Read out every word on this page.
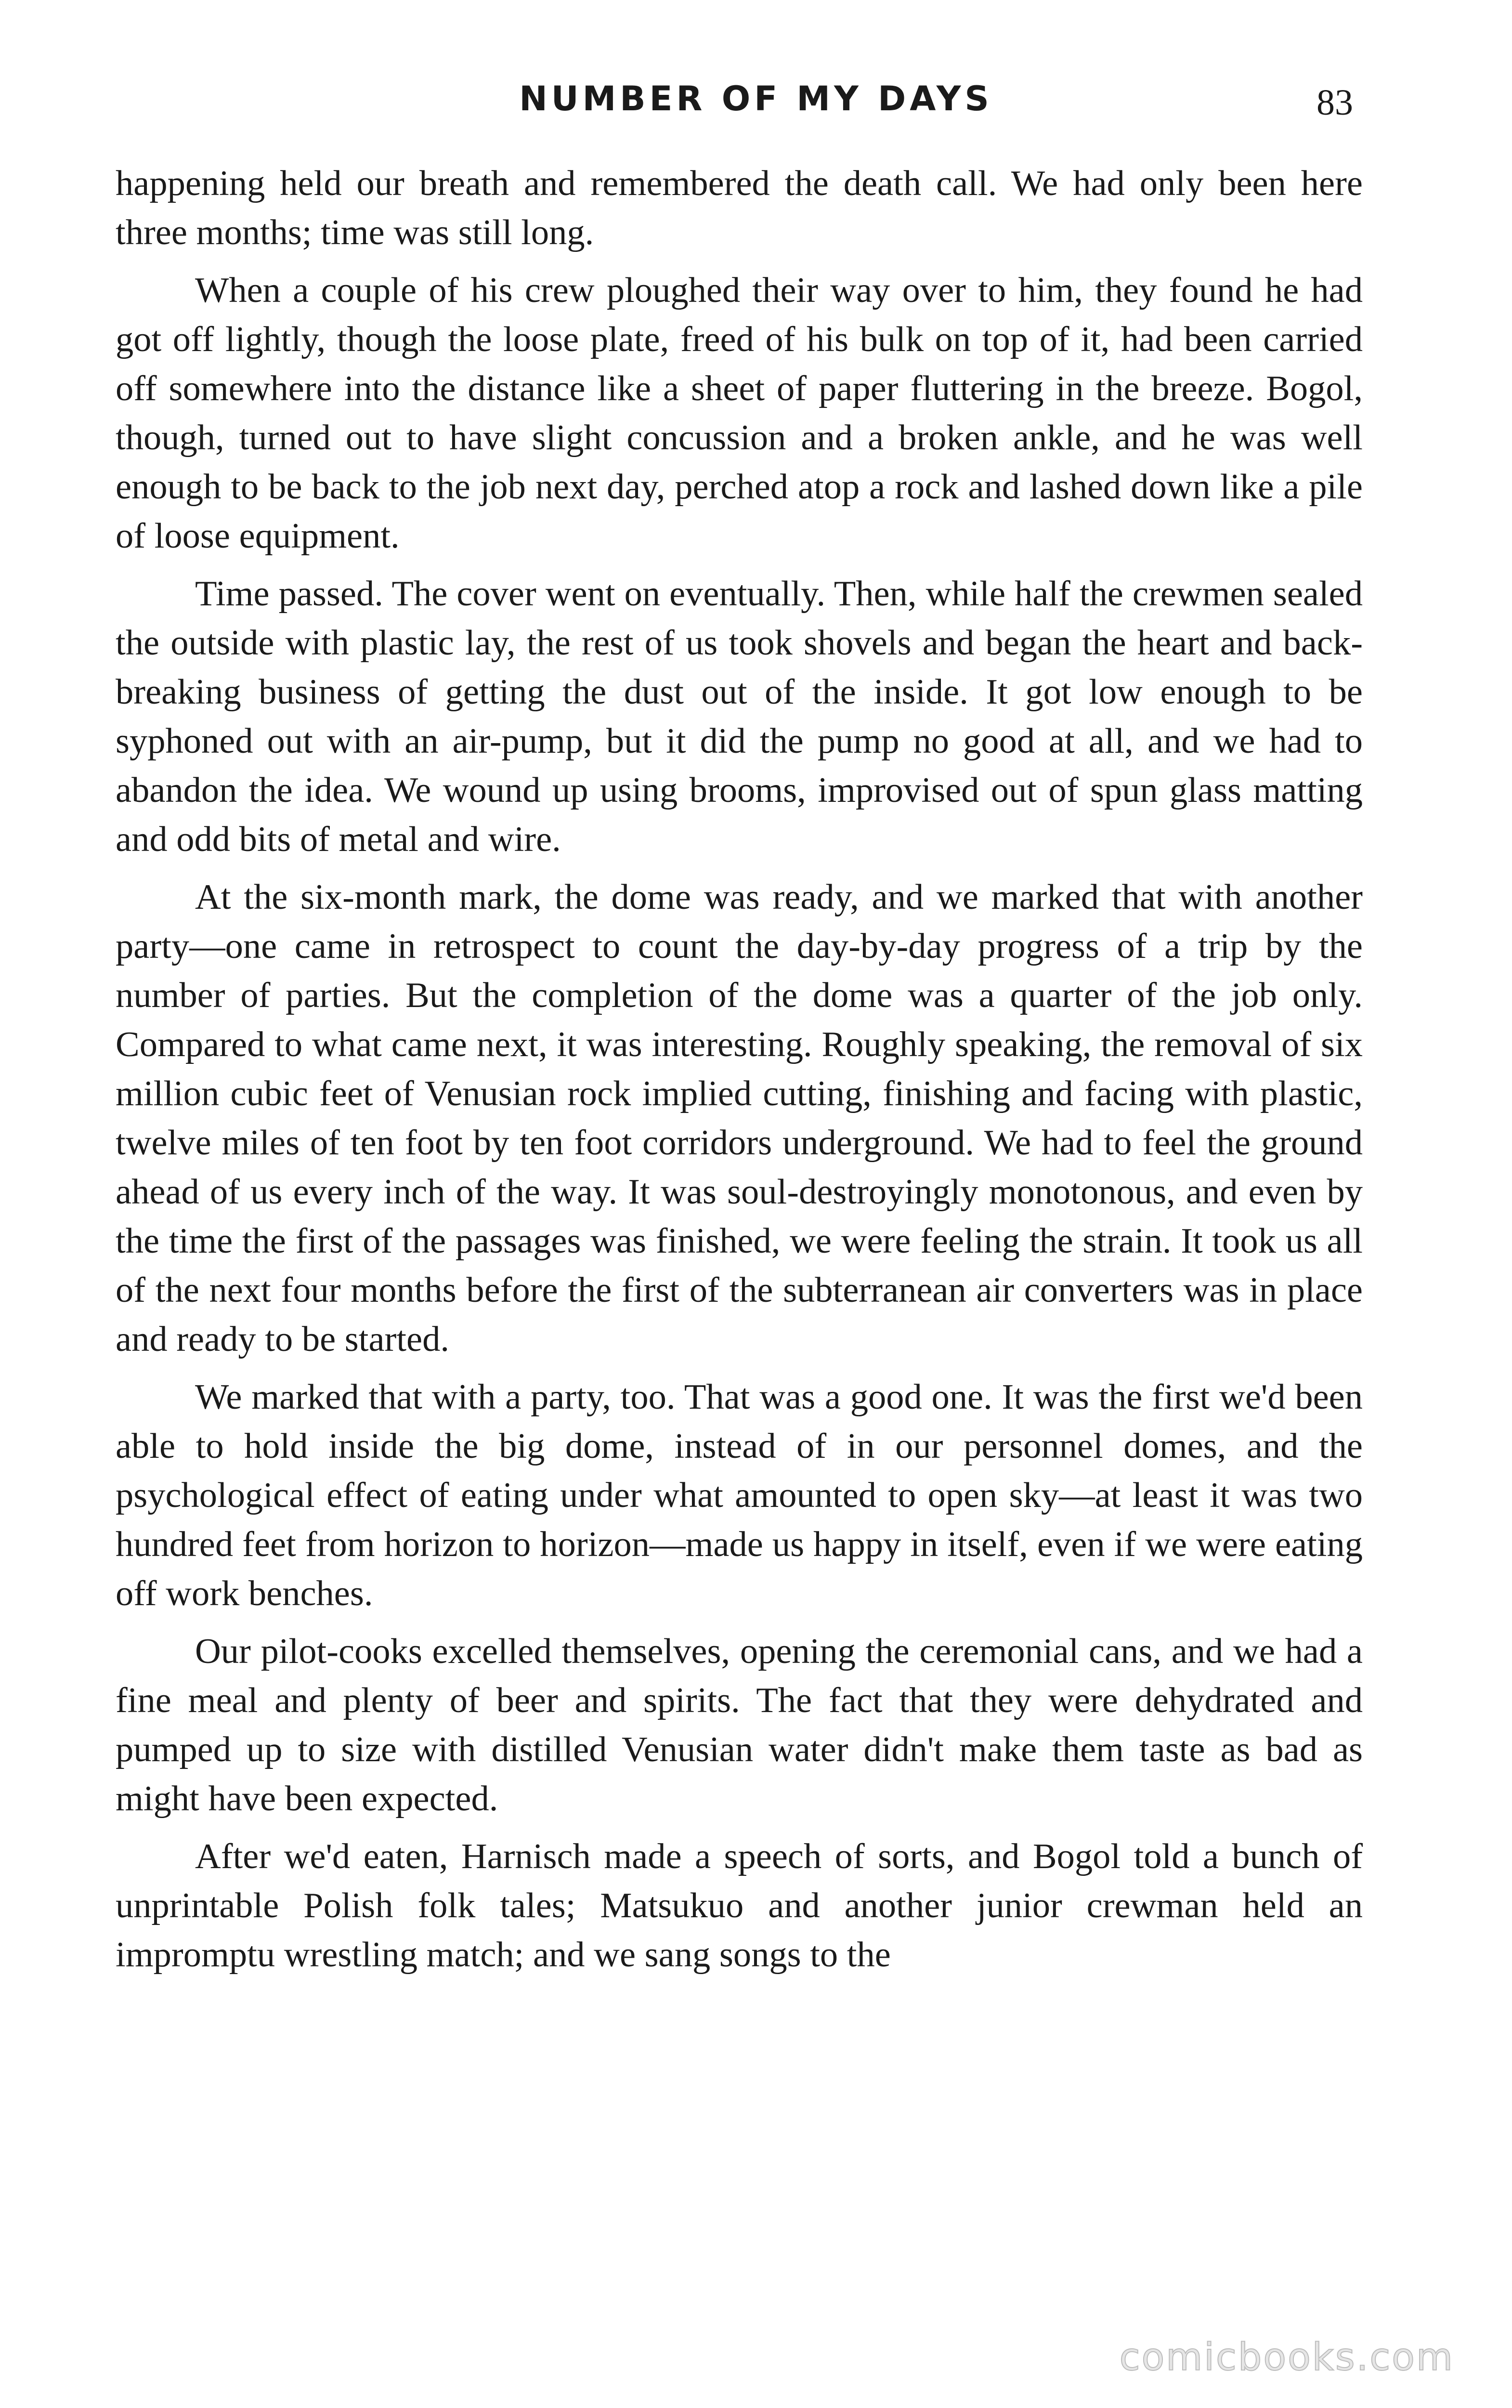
NUMBER OF MY DAYS	83

happening held our breath and remembered the death call. We had only been here three months; time was still long.

When a couple of his crew ploughed their way over to him, they found he had got off lightly, though the loose plate, freed of his bulk on top of it, had been carried off somewhere into the distance like a sheet of paper fluttering in the breeze. Bogol, though, turned out to have slight concussion and a broken ankle, and he was well enough to be back to the job next day, perched atop a rock and lashed down like a pile of loose equipment.

Time passed. The cover went on eventually. Then, while half the crewmen sealed the outside with plastic lay, the rest of us took shovels and began the heart and back-breaking business of getting the dust out of the inside. It got low enough to be syphoned out with an air-pump, but it did the pump no good at all, and we had to abandon the idea. We wound up using brooms, improvised out of spun glass matting and odd bits of metal and wire.

At the six-month mark, the dome was ready, and we marked that with another party—one came in retrospect to count the day-by-day progress of a trip by the number of parties. But the completion of the dome was a quarter of the job only. Compared to what came next, it was interesting. Roughly speaking, the removal of six million cubic feet of Venusian rock implied cutting, finishing and facing with plastic, twelve miles of ten foot by ten foot corridors underground. We had to feel the ground ahead of us every inch of the way. It was soul-destroyingly monotonous, and even by the time the first of the passages was finished, we were feeling the strain. It took us all of the next four months before the first of the subterranean air converters was in place and ready to be started.

We marked that with a party, too. That was a good one. It was the first we'd been able to hold inside the big dome, instead of in our personnel domes, and the psychological effect of eating under what amounted to open sky—at least it was two hundred feet from horizon to horizon—made us happy in itself, even if we were eating off work benches.

Our pilot-cooks excelled themselves, opening the ceremonial cans, and we had a fine meal and plenty of beer and spirits. The fact that they were dehydrated and pumped up to size with distilled Venusian water didn't make them taste as bad as might have been expected.

After we'd eaten, Harnisch made a speech of sorts, and Bogol told a bunch of unprintable Polish folk tales; Matsukuo and another junior crewman held an impromptu wrestling match; and we sang songs to the

comicbooks.com
